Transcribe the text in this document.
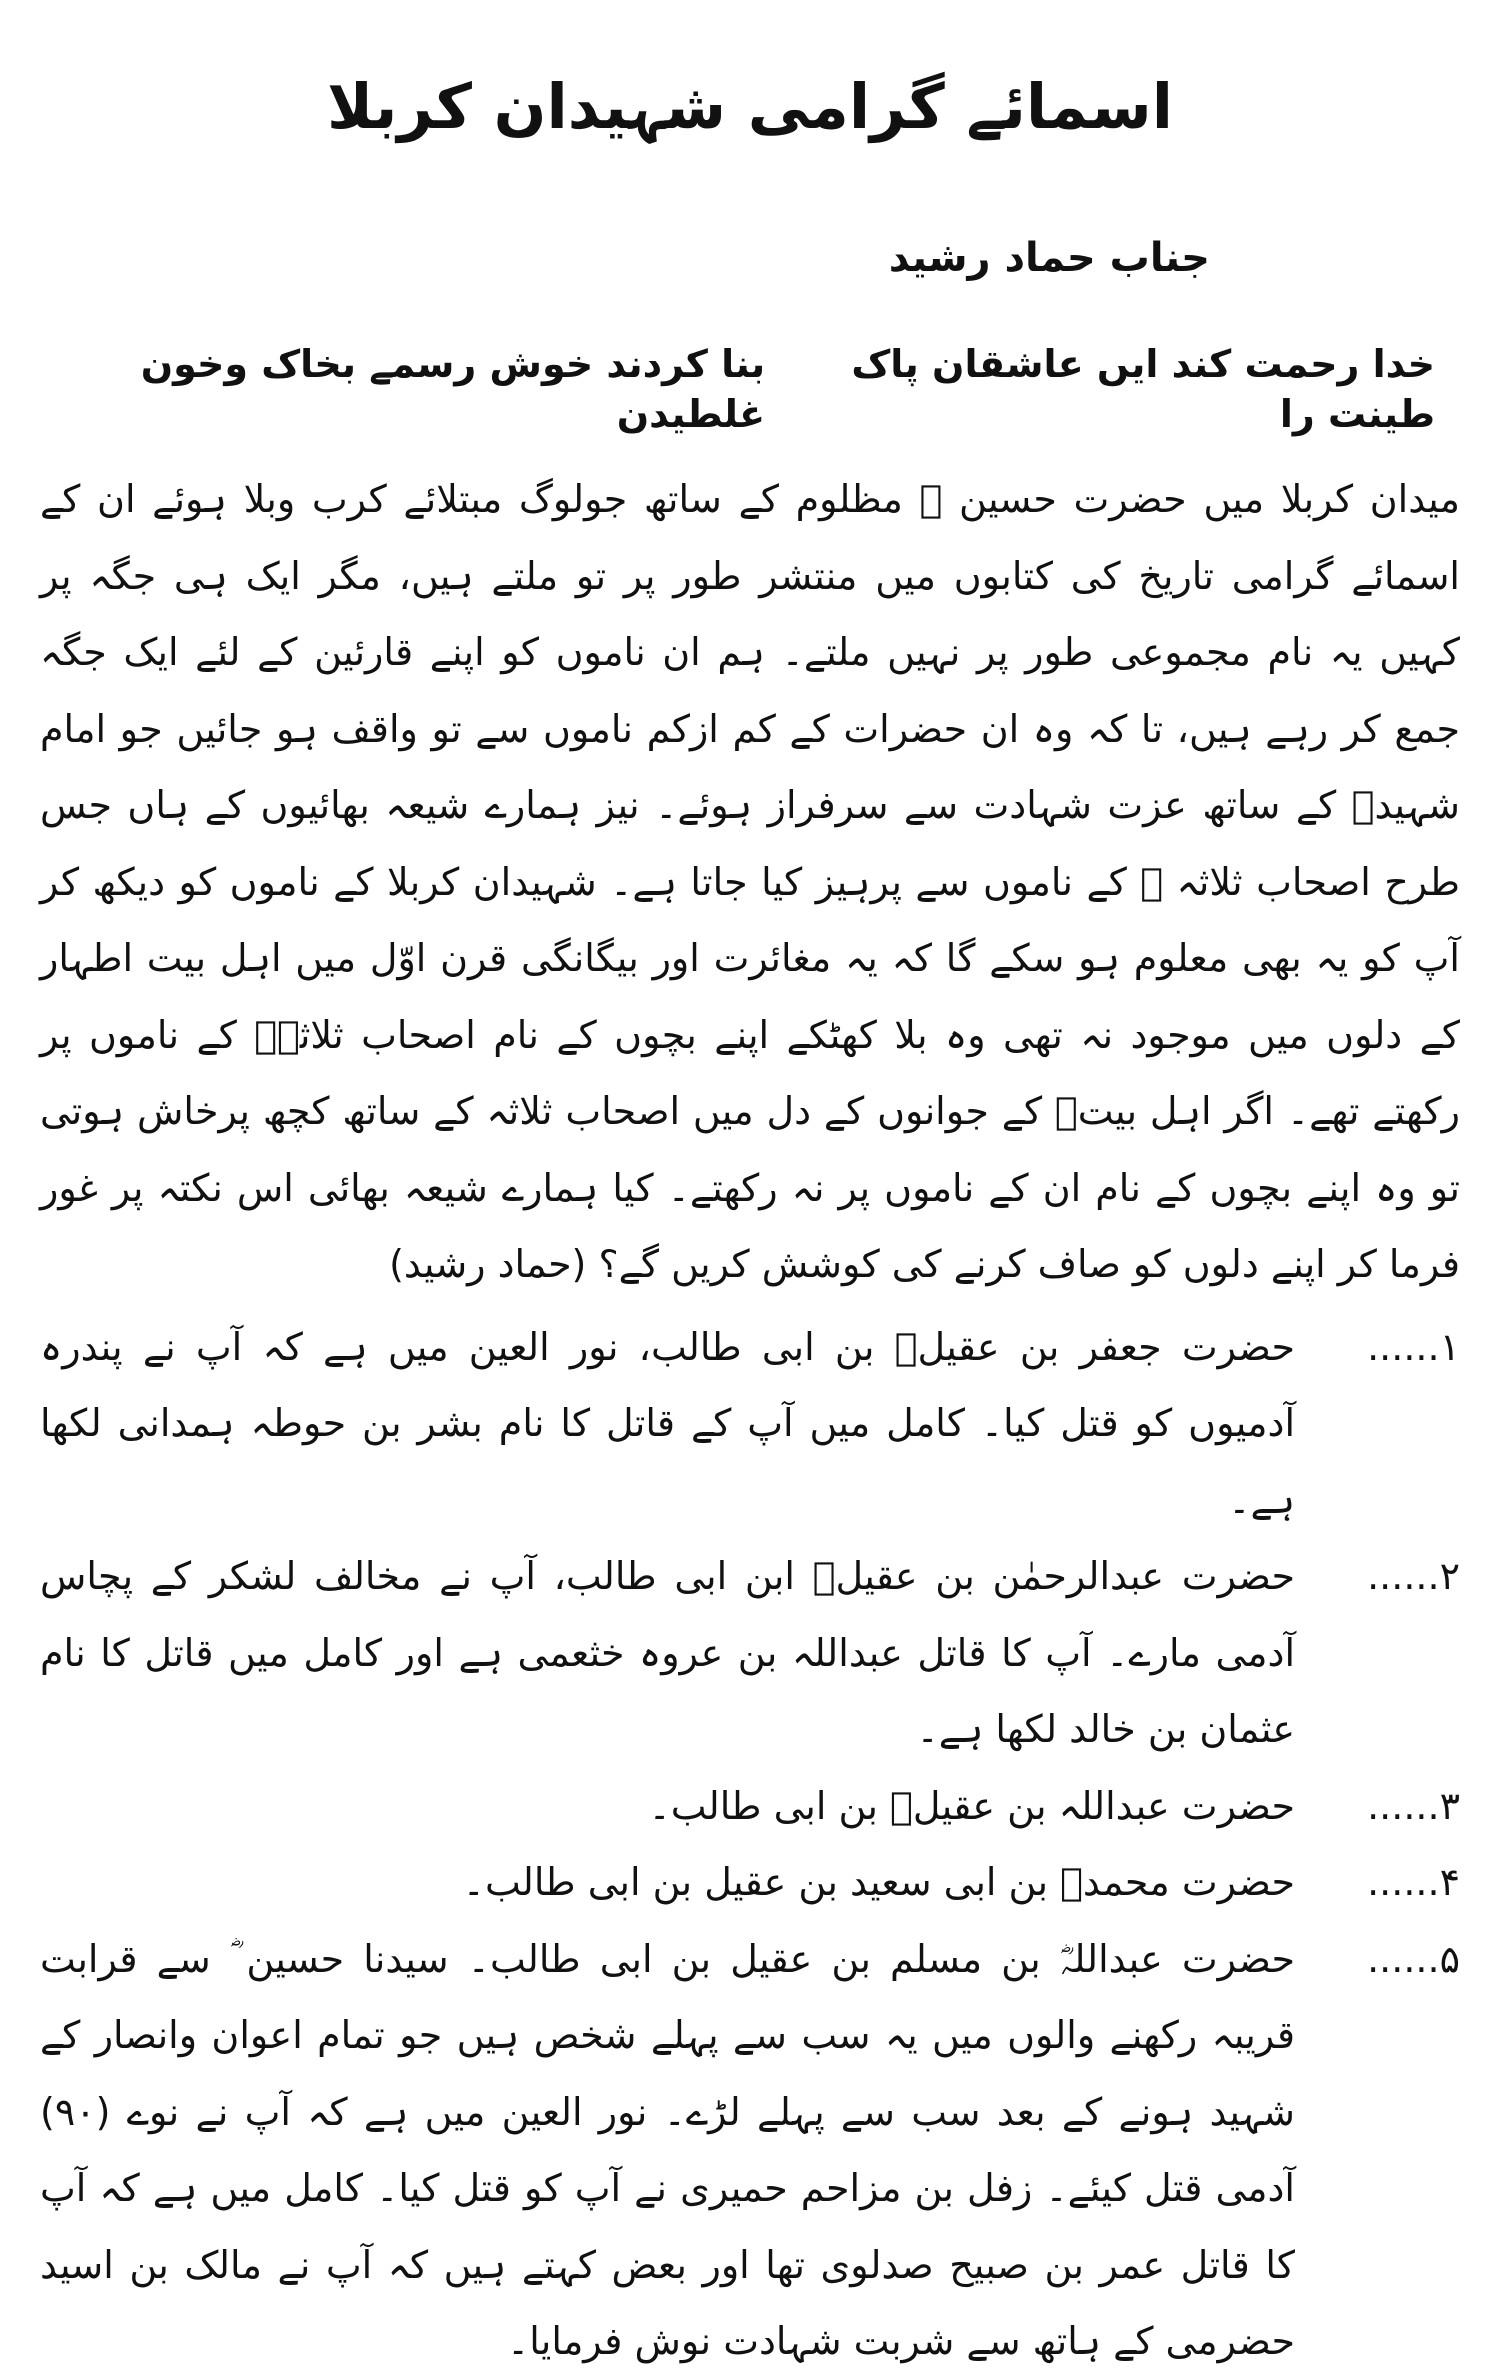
اسمائے گرامی شہیدان کربلا
جناب حماد رشید
خدا رحمت کند ایں عاشقان پاک طینت را
بنا کردند خوش رسمے بخاک وخون غلطیدن

میدان کربلا میں حضرت حسین ؓ مظلوم کے ساتھ جولوگ مبتلائے کرب وبلا ہوئے ان کے اسمائے گرامی تاریخ کی کتابوں میں منتشر طور پر تو ملتے ہیں، مگر ایک ہی جگہ پر کہیں یہ نام مجموعی طور پر نہیں ملتے۔ ہم ان ناموں کو اپنے قارئین کے لئے ایک جگہ جمع کر رہے ہیں، تا کہ وہ ان حضرات کے کم ازکم ناموں سے تو واقف ہو جائیں جو امام شہیدؓ کے ساتھ عزت شہادت سے سرفراز ہوئے۔ نیز ہمارے شیعہ بھائیوں کے ہاں جس طرح اصحاب ثلاثہ ؓ کے ناموں سے پرہیز کیا جاتا ہے۔ شہیدان کربلا کے ناموں کو دیکھ کر آپ کو یہ بھی معلوم ہو سکے گا کہ یہ مغائرت اور بیگانگی قرن اوّل میں اہل بیت اطہار کے دلوں میں موجود نہ تھی وہ بلا کھٹکے اپنے بچوں کے نام اصحاب ثلاثہؓ کے ناموں پر رکھتے تھے۔ اگر اہل بیتؓ کے جوانوں کے دل میں اصحاب ثلاثہ کے ساتھ کچھ پرخاش ہوتی تو وہ اپنے بچوں کے نام ان کے ناموں پر نہ رکھتے۔ کیا ہمارے شیعہ بھائی اس نکتہ پر غور فرما کر اپنے دلوں کو صاف کرنے کی کوشش کریں گے؟ (حماد رشید)

۱......
حضرت جعفر بن عقیلؓ بن ابی طالب، نور العین میں ہے کہ آپ نے پندرہ آدمیوں کو قتل کیا۔ کامل میں آپ کے قاتل کا نام بشر بن حوطہ ہمدانی لکھا ہے۔
۲......
حضرت عبدالرحمٰن بن عقیلؓ ابن ابی طالب، آپ نے مخالف لشکر کے پچاس آدمی مارے۔ آپ کا قاتل عبداللہ بن عروہ خثعمی ہے اور کامل میں قاتل کا نام عثمان بن خالد لکھا ہے۔
۳......
حضرت عبداللہ بن عقیلؓ بن ابی طالب۔
۴......
حضرت محمدؓ بن ابی سعید بن عقیل بن ابی طالب۔
۵......
حضرت عبداللہؓ بن مسلم بن عقیل بن ابی طالب۔ سیدنا حسین ؓ سے قرابت قریبہ رکھنے والوں میں یہ سب سے پہلے شخص ہیں جو تمام اعوان وانصار کے شہید ہونے کے بعد سب سے پہلے لڑے۔ نور العین میں ہے کہ آپ نے نوے (۹۰) آدمی قتل کیئے۔ زفل بن مزاحم حمیری نے آپ کو قتل کیا۔ کامل میں ہے کہ آپ کا قاتل عمر بن صبیح صدلوی تھا اور بعض کہتے ہیں کہ آپ نے مالک بن اسید حضرمی کے ہاتھ سے شربت شہادت نوش فرمایا۔
